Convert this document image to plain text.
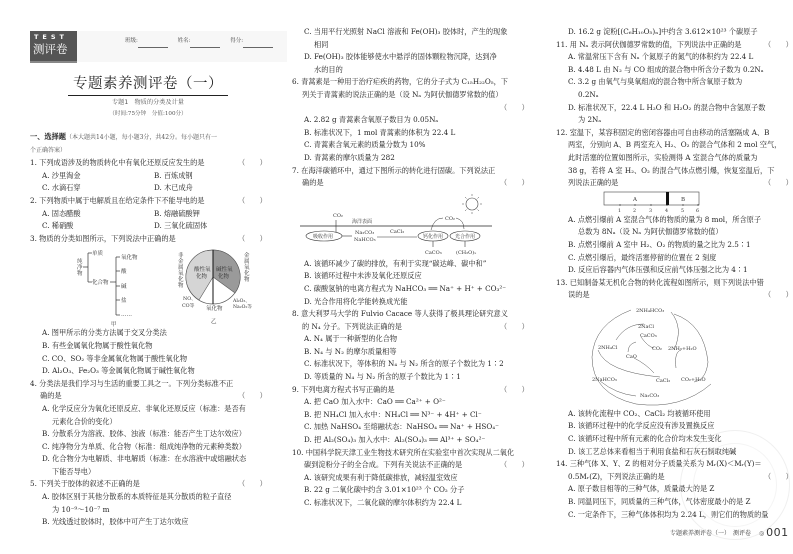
TEST
测评卷
班级:	姓名:	得分:
专题素养测评卷（一）
专题1　物质的分类及计量
（时间:75分钟　分值:100分）
一、选择题（本大题共14小题，每小题3分，共42分。每小题只有一
个正确答案）
1. 下列成语涉及的物质转化中有氧化还原反应发生的是	（　　）
A. 沙里淘金	B. 百炼成钢
C. 水滴石穿	D. 木已成舟
2. 下列物质中属于电解质且在给定条件下不能导电的是	（　　）
A. 固态醋酸	B. 熔融硫酸钾
C. 稀硝酸	D. 三氧化硫固体
3. 物质的分类如图所示，下列说法中正确的是	（　　）
纯
净
物
单质
化合物
氧化物
酸
碱
盐
……
甲
酸性氧
化物
碱性氧
化物
非
金
属
氧
化
物
金
属
氧
化
物
NO、
CO等 氧化物
Al₂O₃、
Na₂O₂等
乙
A. 图甲所示的分类方法属于交叉分类法
B. 有些金属氧化物属于酸性氧化物
C. CO、SO₂ 等非金属氧化物属于酸性氧化物
D. Al₂O₃、Fe₂O₃ 等金属氧化物属于碱性氧化物
4. 分类法是我们学习与生活的重要工具之一。下列分类标准不正
确的是	（　　）
A. 化学反应分为氧化还原反应、非氧化还原反应（标准：是否有
元素化合价的变化）
B. 分散系分为溶液、胶体、浊液（标准：能否产生丁达尔效应）
C. 纯净物分为单质、化合物（标准：组成纯净物的元素种类数）
D. 化合物分为电解质、非电解质（标准：在水溶液中或熔融状态
下能否导电）
5. 下列关于胶体的叙述不正确的是	（　　）
A. 胶体区别于其他分散系的本质特征是其分散质的粒子直径
为 10⁻⁹～10⁻⁷ m
B. 光线透过胶体时，胶体中可产生丁达尔效应
C. 当用平行光照射 NaCl 溶液和 Fe(OH)₃ 胶体时，产生的现象
相同
D. Fe(OH)₃ 胶体能够使水中悬浮的固体颗粒物沉降，达到净
水的目的
6. 青蒿素是一种用于治疗疟疾的药物，它的分子式为 C₁₅H₂₂O₅，下
列关于青蒿素的说法正确的是（设 Nₐ 为阿伏伽德罗常数的值）
（　　）
A. 2.82 g 青蒿素含氧原子数目为 0.05Nₐ
B. 标准状况下，1 mol 青蒿素的体积为 22.4 L
C. 青蒿素含氧元素的质量分数为 10%
D. 青蒿素的摩尔质量为 282
7. 在海洋碳循环中，通过下图所示的转化进行固碳。下列说法正
确的是	（　　）
CO₂
海洋表面	CO₂
吸收作用
Na₂CO₃
NaHCO₃
CaCl₂
钙化作用 光合作用
CaCO₃	(CH₂O)ₓ
A. 该循环减少了碳的排放，有利于实现“碳达峰、碳中和”
B. 该循环过程中未涉及氧化还原反应
C. 碳酸氢钠的电离方程式为 NaHCO₃ ══ Na⁺ + H⁺ + CO₃²⁻
D. 光合作用将化学能转换成光能
8. 意大利罗马大学的 Fulvio Cacace 等人获得了极具理论研究意义
的 N₄ 分子。下列说法正确的是	（　　）
A. N₄ 属于一种新型的化合物
B. N₄ 与 N₂ 的摩尔质量相等
C. 标准状况下，等体积的 N₄ 与 N₂ 所含的原子个数比为 1∶2
D. 等质量的 N₄ 与 N₂ 所含的原子个数比为 1∶1
9. 下列电离方程式书写正确的是	（　　）
A. 把 CaO 加入水中：CaO ══ Ca²⁺ + O²⁻
B. 把 NH₄Cl 加入水中：NH₄Cl ══ N³⁻ + 4H⁺ + Cl⁻
C. 加热 NaHSO₄ 至熔融状态：NaHSO₄ ══ Na⁺ + HSO₄⁻
D. 把 Al₂(SO₄)₃ 加入水中：Al₂(SO₄)₃ ══ Al³⁺ + SO₄²⁻
10. 中国科学院天津工业生物技术研究所在实验室中首次实现从二氧化
碳到淀粉分子的全合成。下列有关说法不正确的是	（　　）
A. 该研究成果有利于降低碳排放，减轻温室效应
B. 22 g 二氧化碳中约含 3.01×10²³ 个 CO₂ 分子
C. 标准状况下，二氧化碳的摩尔体积约为 22.4 L
D. 16.2 g 淀粉[(C₆H₁₀O₅)ₙ]中约含 3.612×10²³ 个碳原子
11. 用 Nₐ 表示阿伏伽德罗常数的值，下列说法中正确的是	（　　）
A. 常温常压下含有 Nₐ 个氮原子的氮气的体积约为 22.4 L
B. 4.48 L 由 N₂ 与 CO 组成的混合物中所含分子数为 0.2Nₐ
C. 3.2 g 由氧气与臭氧组成的混合物中所含氧原子数为
0.2Nₐ
D. 标准状况下，22.4 L H₂O 和 H₂O₂ 的混合物中含氢原子数
为 2Nₐ
12. 室温下，某容积固定的密闭容器由可自由移动的活塞隔成 A、B
两室，分别向 A、B 两室充入 H₂、O₂ 的混合气体和 2 mol 空气，
此时活塞的位置如图所示，实验测得 A 室混合气体的质量为
38 g，若将 A 室 H₂、O₂ 的混合气体点燃引爆，恢复室温后，下
列说法正确的是	（　　）
A	B
1 2	3	4	5 6
A. 点燃引爆前 A 室混合气体的物质的量为 8 mol，所含原子
总数为 8Nₐ（设 Nₐ 为阿伏伽德罗常数的值）
B. 点燃引爆前 A 室中 H₂、O₂ 的物质的量之比为 2.5∶1
C. 点燃引爆后，最终活塞停留的位置在 2 刻度
D. 反应后容器内气体压强和反应前气体压强之比为 4∶1
13. 已知制备某无机化合物的转化流程如图所示，则下列说法中错
误的是	（　　）
2NH₄HCO₃
2NaCl
CaCO₃
2NH₄Cl	CO₂ 2NH₃+H₂O
CaO
2NaHCO₃	CaCl₂ CO₂+H₂O
Na₂CO₃
A. 该转化流程中 CO₂、CaCl₂ 均被循环使用
B. 该循环过程中的化学反应没有涉及置换反应
C. 该循环过程中所有元素的化合价均未发生变化
D. 该工艺总体来看相当于利用食盐和石灰石制取纯碱
14. 三种气体 X、Y、Z 的相对分子质量关系为 Mᵣ(X)＜Mᵣ(Y)＝
0.5Mᵣ(Z)，下列说法正确的是	（　　）
A. 原子数目相等的三种气体，质量最大的是 Z
B. 同温同压下，同质量的三种气体，气体密度最小的是 Z
C. 一定条件下，三种气体体积均为 2.24 L，则它们的物质的量
专题素养测评卷（一）　测评卷 ◎ 001
